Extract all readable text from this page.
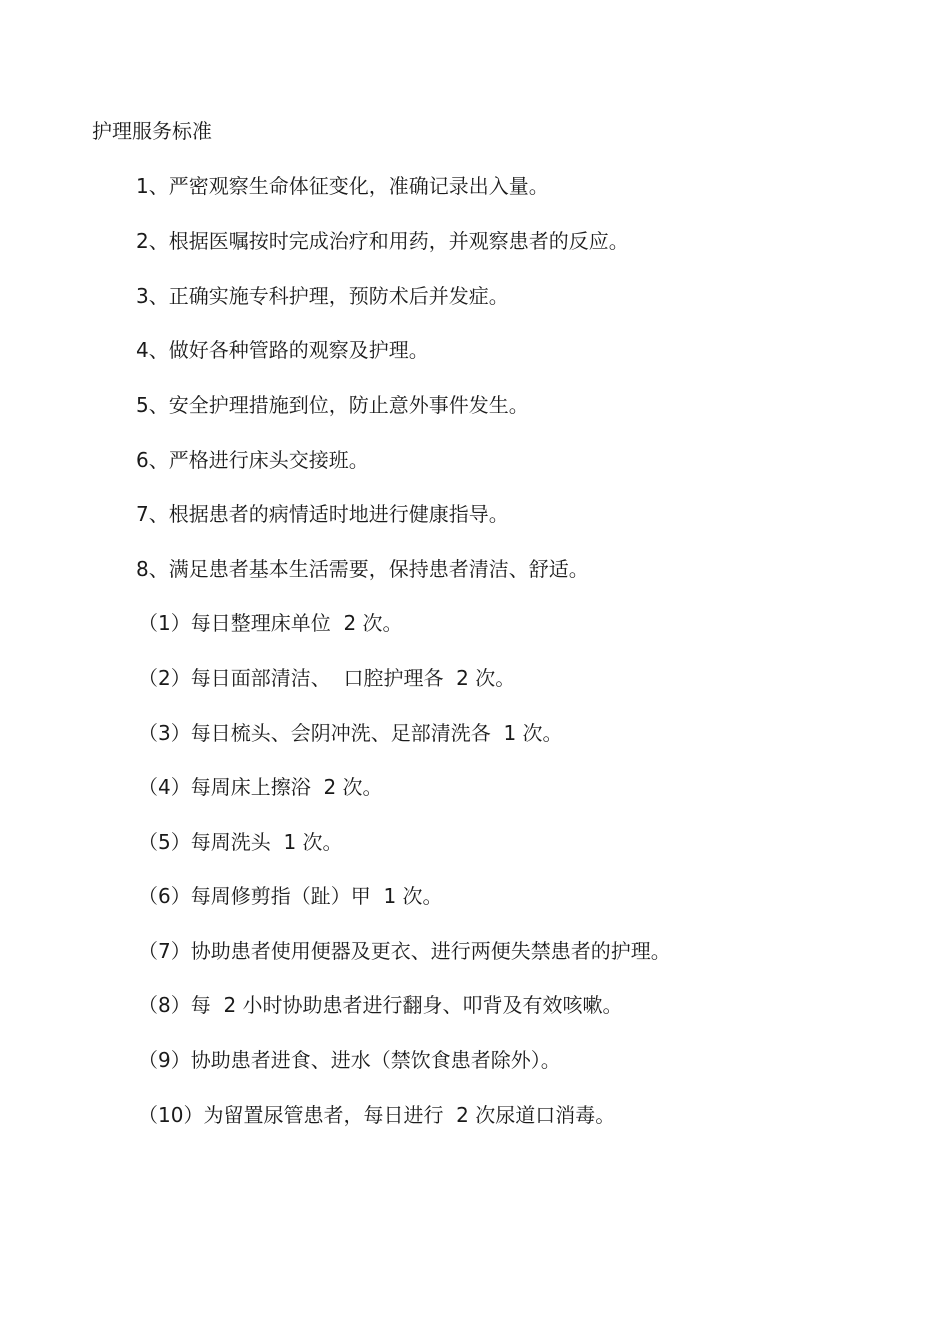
护理服务标准

1、严密观察生命体征变化，准确记录出入量。

2、根据医嘱按时完成治疗和用药，并观察患者的反应。

3、正确实施专科护理，预防术后并发症。

4、做好各种管路的观察及护理。

5、安全护理措施到位，防止意外事件发生。

6、严格进行床头交接班。

7、根据患者的病情适时地进行健康指导。

8、满足患者基本生活需要，保持患者清洁、舒适。

（1）每日整理床单位  2 次。

（2）每日面部清洁、  口腔护理各  2 次。

（3）每日梳头、会阴冲洗、足部清洗各  1 次。

（4）每周床上擦浴  2 次。

（5）每周洗头  1 次。

（6）每周修剪指（趾）甲  1 次。

（7）协助患者使用便器及更衣、进行两便失禁患者的护理。

（8）每  2 小时协助患者进行翻身、叩背及有效咳嗽。

（9）协助患者进食、进水（禁饮食患者除外）。

（10）为留置尿管患者，每日进行  2 次尿道口消毒。
